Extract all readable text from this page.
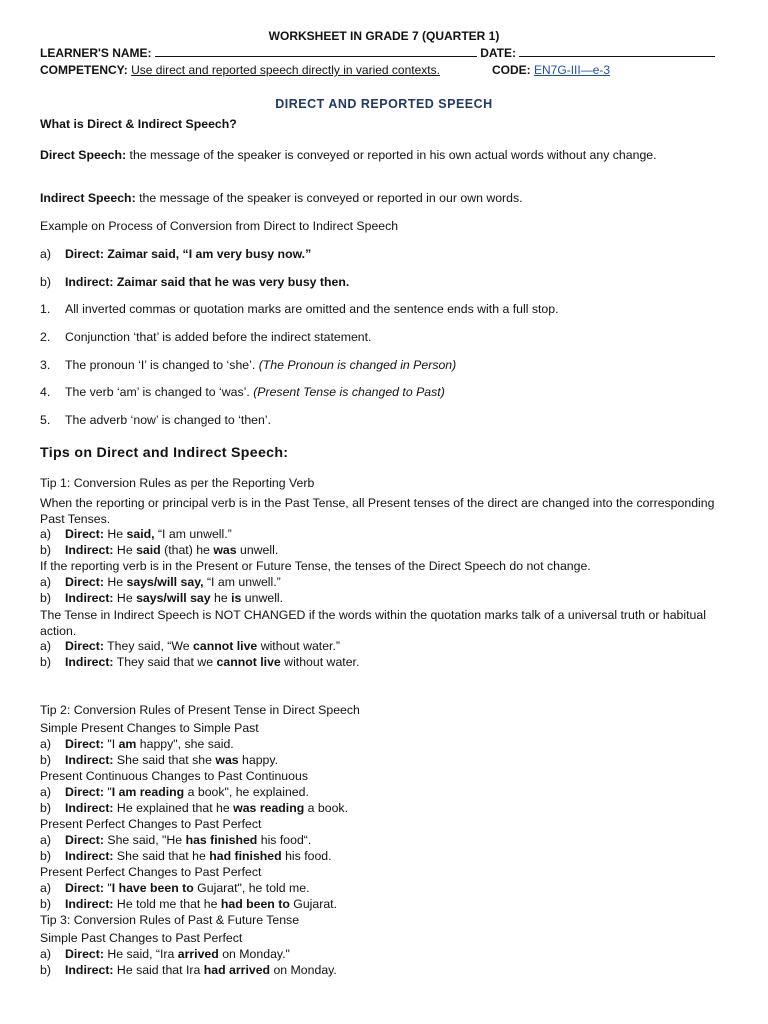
WORKSHEET IN GRADE 7 (QUARTER 1)
LEARNER'S NAME:	DATE:
COMPETENCY: Use direct and reported speech directly in varied contexts.	CODE: EN7G-III—e-3
DIRECT AND REPORTED SPEECH
What is Direct & Indirect Speech?
Direct Speech: the message of the speaker is conveyed or reported in his own actual words without any change.
Indirect Speech: the message of the speaker is conveyed or reported in our own words.
Example on Process of Conversion from Direct to Indirect Speech
a) Direct: Zaimar said, “I am very busy now.”
b) Indirect: Zaimar said that he was very busy then.
1. All inverted commas or quotation marks are omitted and the sentence ends with a full stop.
2. Conjunction ‘that’ is added before the indirect statement.
3. The pronoun ‘I’ is changed to ‘she’. (The Pronoun is changed in Person)
4. The verb ‘am’ is changed to ‘was’. (Present Tense is changed to Past)
5. The adverb ‘now’ is changed to ‘then’.
Tips on Direct and Indirect Speech:
Tip 1: Conversion Rules as per the Reporting Verb
When the reporting or principal verb is in the Past Tense, all Present tenses of the direct are changed into the corresponding Past Tenses.
a) Direct: He said, “I am unwell.”
b) Indirect: He said (that) he was unwell.
If the reporting verb is in the Present or Future Tense, the tenses of the Direct Speech do not change.
a) Direct: He says/will say, “I am unwell.”
b) Indirect: He says/will say he is unwell.
The Tense in Indirect Speech is NOT CHANGED if the words within the quotation marks talk of a universal truth or habitual action.
a) Direct: They said, “We cannot live without water.”
b) Indirect: They said that we cannot live without water.
Tip 2: Conversion Rules of Present Tense in Direct Speech
Simple Present Changes to Simple Past
a) Direct: "I am happy", she said.
b) Indirect: She said that she was happy.
Present Continuous Changes to Past Continuous
a) Direct: "I am reading a book", he explained.
b) Indirect: He explained that he was reading a book.
Present Perfect Changes to Past Perfect
a) Direct: She said, "He has finished his food“.
b) Indirect: She said that he had finished his food.
Present Perfect Changes to Past Perfect
a) Direct: "I have been to Gujarat", he told me.
b) Indirect: He told me that he had been to Gujarat.
Tip 3: Conversion Rules of Past & Future Tense
Simple Past Changes to Past Perfect
a) Direct: He said, “Ira arrived on Monday."
b) Indirect: He said that Ira had arrived on Monday.
